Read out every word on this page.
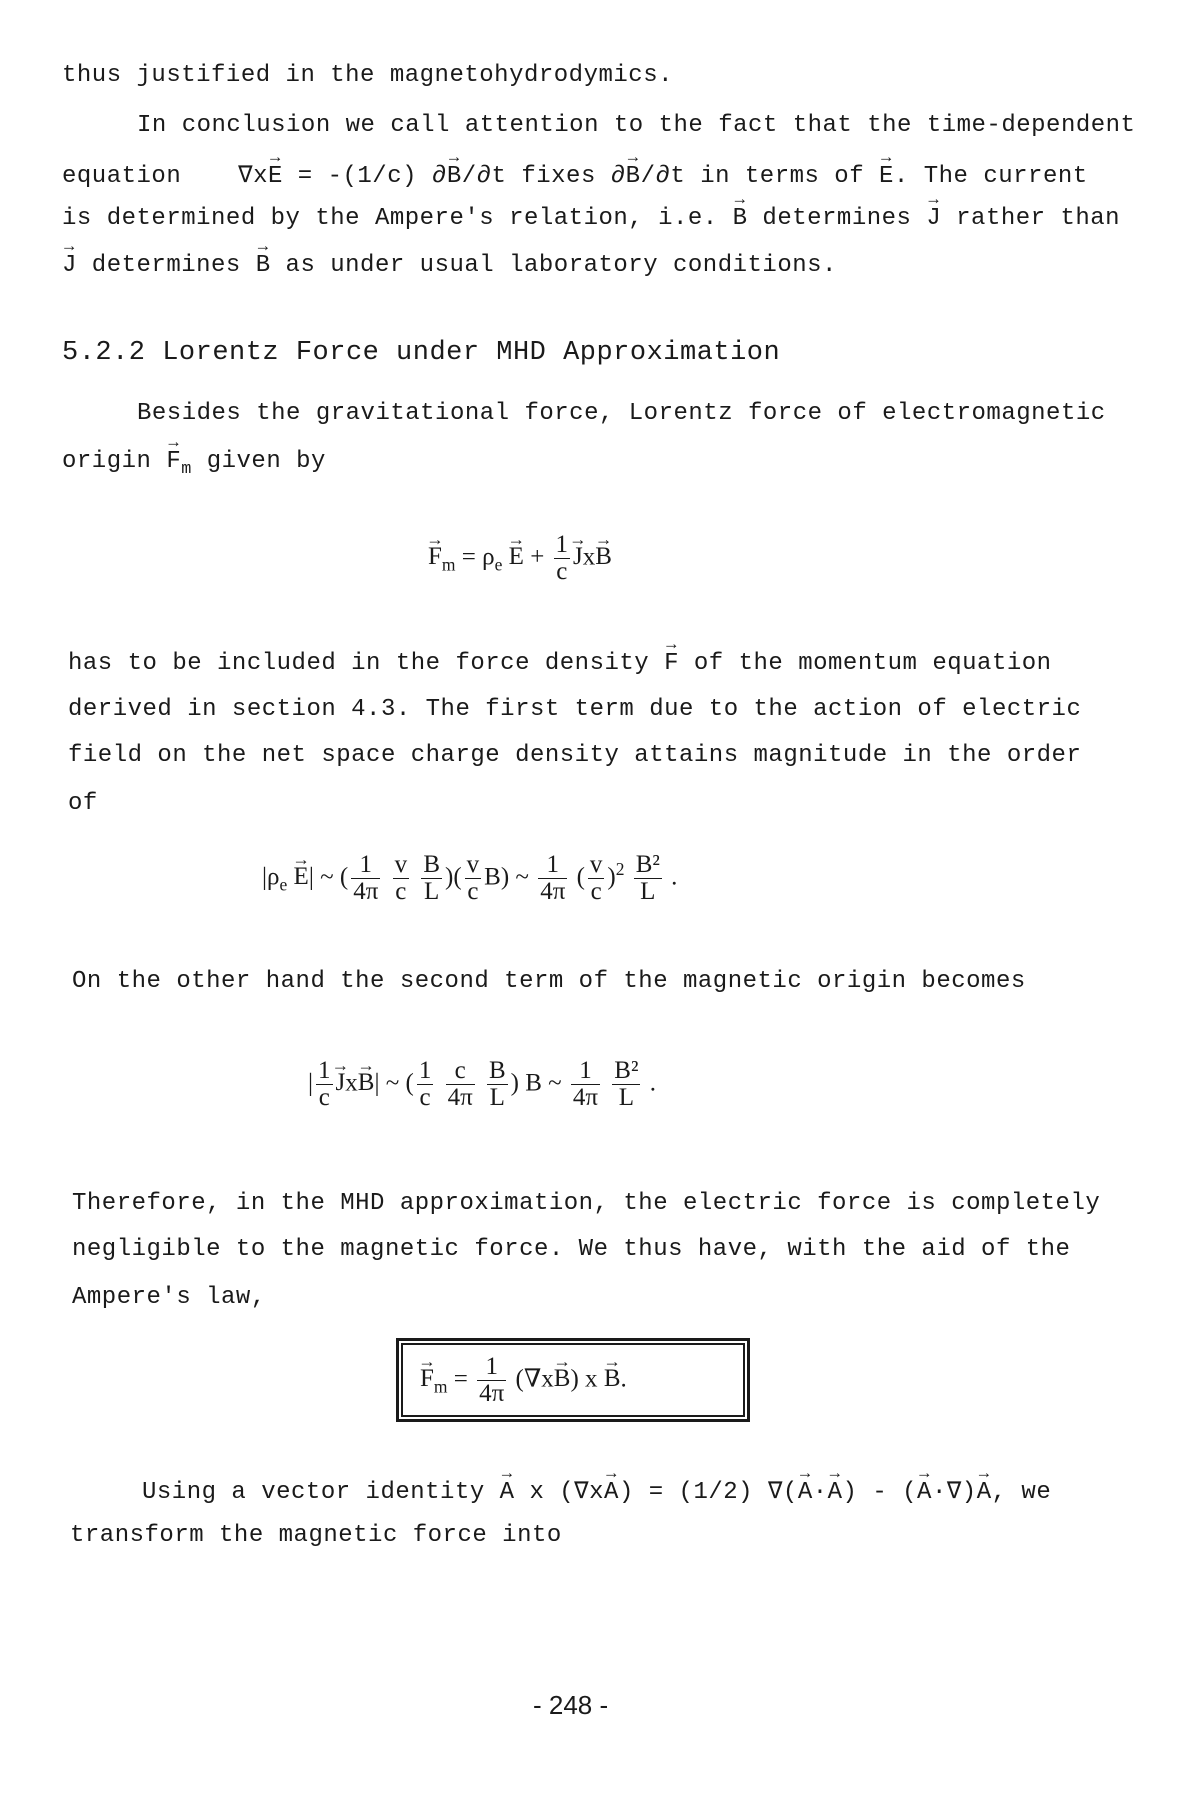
thus justified in the magnetohydrodymics.
In conclusion we call attention to the fact that the time-dependent
equation ∇x→ E = -(1/c) ∂→ B/∂t fixes ∂→ B/∂t in terms of → E. The current
is determined by the Ampere's relation, i.e. → B determines → J rather than
→ J determines → B as under usual laboratory conditions.
5.2.2 Lorentz Force under MHD Approximation
Besides the gravitational force, Lorentz force of electromagnetic
origin → $F_m$ given by
→ $F_m = \rho_e \to E + \frac{1}{c}$
→ Jx→ B
has to be included in the force density → F of the momentum equation
derived in section 4.3. The first term due to the action of electric
field on the net space charge density attains magnitude in the order
of
$|\rho_e \to E|$ ~ ( $\frac{1}{4\pi}$
$\frac{v}{c}$
$\frac{B}{L}$ )( $\frac{v}{c} B$) ~ $\frac{1}{4\pi}$ ( $\frac{v}{c} )^2 \frac{\text{B²}}{L}$ .
On the other hand the second term of the magnetic origin becomes
| $\frac{1}{c}$
→ Jx→ B| ~ ( $\frac{1}{c}$
$\frac{c}{4\pi}$
$\frac{B}{L}$ ) B ~ $\frac{1}{4\pi}$
$\frac{\text{B²}}{L}$ .
Therefore, in the MHD approximation, the electric force is completely
negligible to the magnetic force. We thus have, with the aid of the
Ampere's law,
→ $F_m = \frac{1}{4\pi} (\nabla x\to B) x \to B$.
Using a vector identity → A x (∇x→ A) = (1/2) ∇(→ A·→ A) - (→ A·∇)→ A, we
transform the magnetic force into
- 248 -
